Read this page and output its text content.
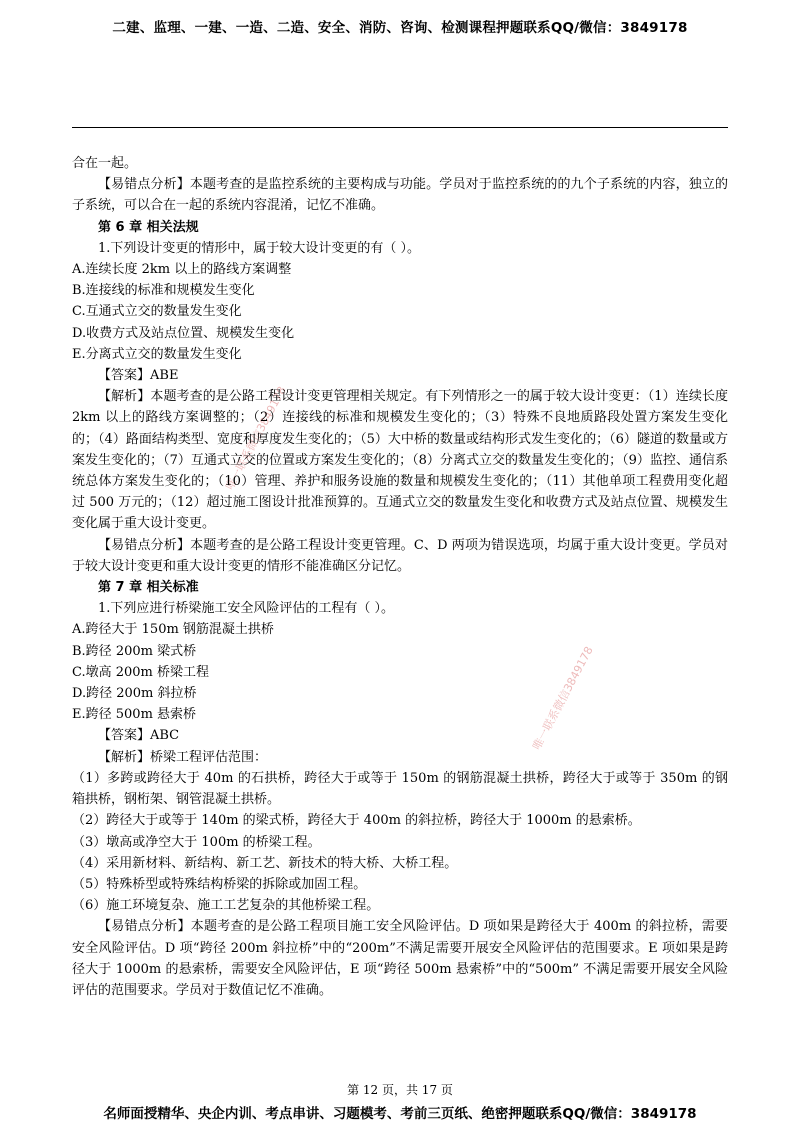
二建、监理、一建、一造、二造、安全、消防、咨询、检测课程押题联系QQ/微信：3849178
唯一联系微信3849178
唯一联系微信3849178

合在一起。

【易错点分析】本题考查的是监控系统的主要构成与功能。学员对于监控系统的的九个子系统的内容，独立的子系统，可以合在一起的系统内容混淆，记忆不准确。

第 6 章 相关法规

1.下列设计变更的情形中，属于较大设计变更的有（ ）。

A.连续长度 2km 以上的路线方案调整

B.连接线的标准和规模发生变化

C.互通式立交的数量发生变化

D.收费方式及站点位置、规模发生变化

E.分离式立交的数量发生变化

【答案】ABE

【解析】本题考查的是公路工程设计变更管理相关规定。有下列情形之一的属于较大设计变更：（1）连续长度 2km 以上的路线方案调整的；（2）连接线的标准和规模发生变化的；（3）特殊不良地质路段处置方案发生变化的；（4）路面结构类型、宽度和厚度发生变化的；（5）大中桥的数量或结构形式发生变化的；（6）隧道的数量或方案发生变化的；（7）互通式立交的位置或方案发生变化的；（8）分离式立交的数量发生变化的；（9）监控、通信系统总体方案发生变化的；（10）管理、养护和服务设施的数量和规模发生变化的；（11）其他单项工程费用变化超过 500 万元的；（12）超过施工图设计批准预算的。互通式立交的数量发生变化和收费方式及站点位置、规模发生变化属于重大设计变更。

【易错点分析】本题考查的是公路工程设计变更管理。C、D 两项为错误选项，均属于重大设计变更。学员对于较大设计变更和重大设计变更的情形不能准确区分记忆。

第 7 章 相关标准

1.下列应进行桥梁施工安全风险评估的工程有（ ）。

A.跨径大于 150m 钢筋混凝土拱桥

B.跨径 200m 梁式桥

C.墩高 200m 桥梁工程

D.跨径 200m 斜拉桥

E.跨径 500m 悬索桥

【答案】ABC

【解析】桥梁工程评估范围：

（1）多跨或跨径大于 40m 的石拱桥，跨径大于或等于 150m 的钢筋混凝土拱桥，跨径大于或等于 350m 的钢箱拱桥，钢桁架、钢管混凝土拱桥。

（2）跨径大于或等于 140m 的梁式桥，跨径大于 400m 的斜拉桥，跨径大于 1000m 的悬索桥。

（3）墩高或净空大于 100m 的桥梁工程。

（4）采用新材料、新结构、新工艺、新技术的特大桥、大桥工程。

（5）特殊桥型或特殊结构桥梁的拆除或加固工程。

（6）施工环境复杂、施工工艺复杂的其他桥梁工程。

【易错点分析】本题考查的是公路工程项目施工安全风险评估。D 项如果是跨径大于 400m 的斜拉桥，需要安全风险评估。D 项“跨径 200m 斜拉桥”中的“200m”不满足需要开展安全风险评估的范围要求。E 项如果是跨径大于 1000m 的悬索桥，需要安全风险评估，E 项“跨径 500m 悬索桥”中的“500m” 不满足需要开展安全风险评估的范围要求。学员对于数值记忆不准确。

第 12 页，共 17 页
名师面授精华、央企内训、考点串讲、习题模考、考前三页纸、绝密押题联系QQ/微信：3849178
